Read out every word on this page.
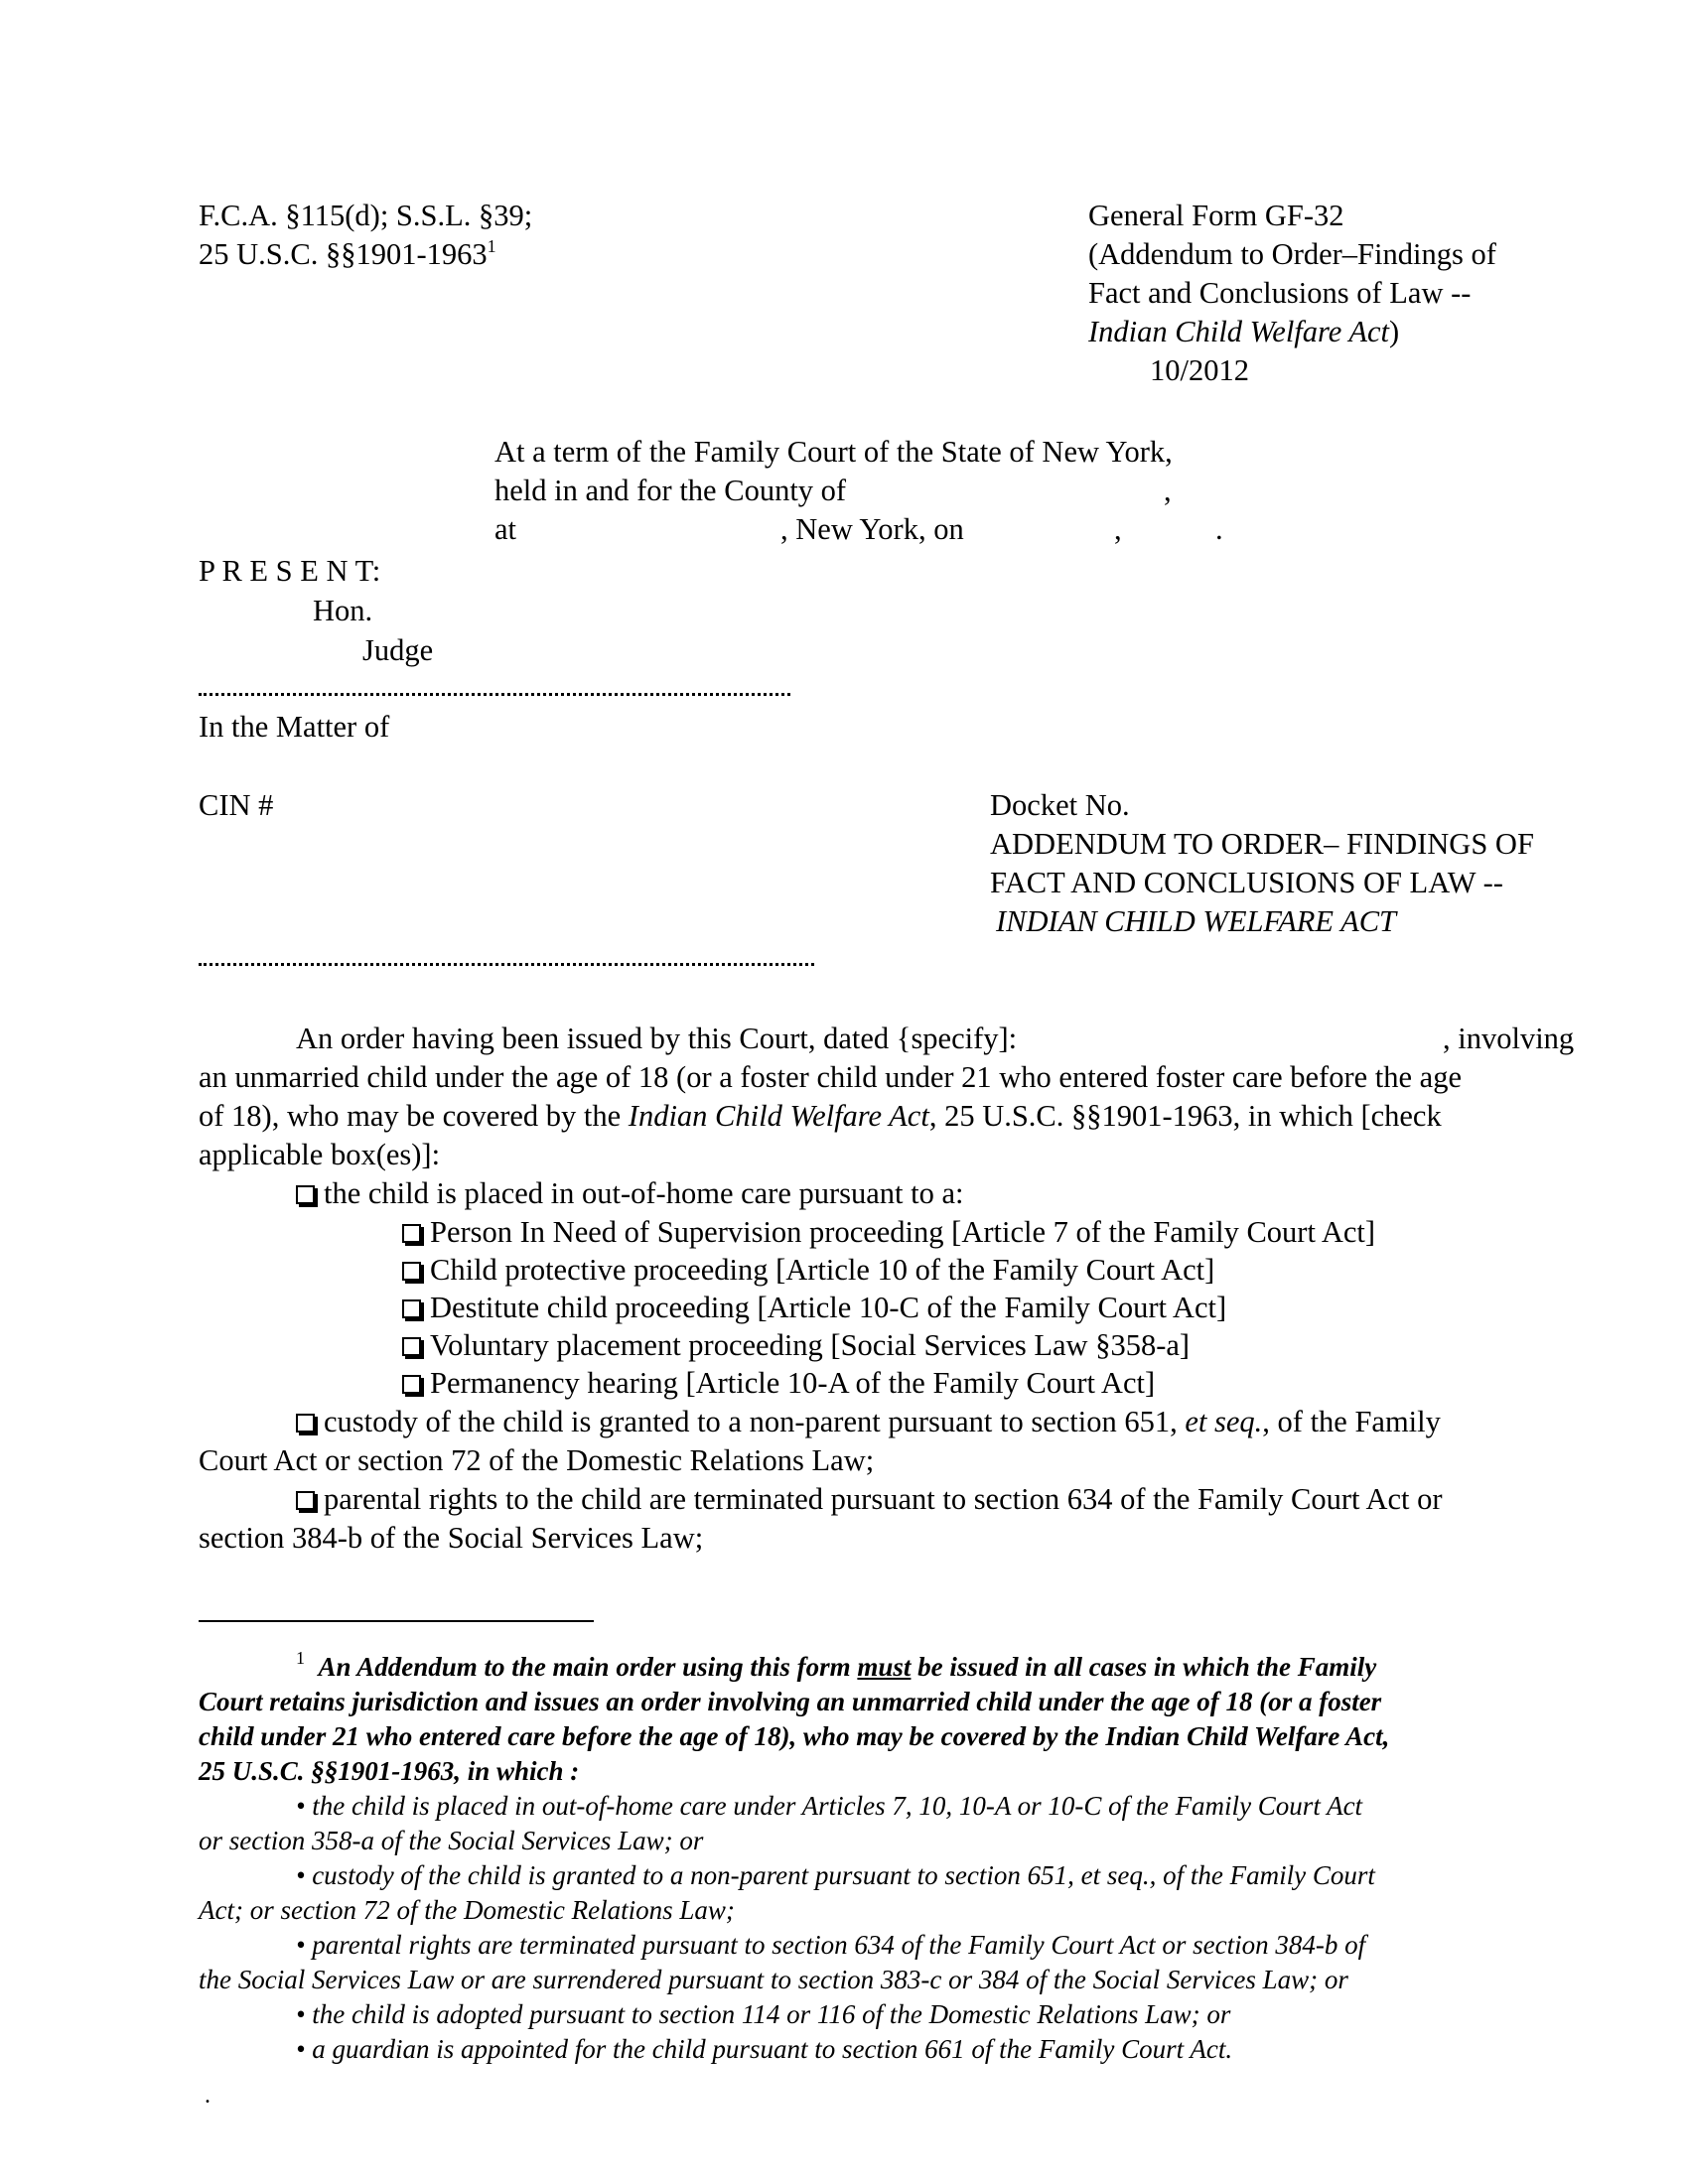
F.C.A. §115(d); S.S.L. §39;
25 U.S.C. §§1901-1963$^1$
General Form GF-32
(Addendum to Order–Findings of
Fact and Conclusions of Law --
Indian Child Welfare Act)
10/2012
At a term of the Family Court of the State of New York,
held in and for the County of	,
at	, New York, on	,	.
P R E S E N T:
Hon.
Judge
In the Matter of
CIN #	Docket No.
ADDENDUM TO ORDER– FINDINGS OF
FACT AND CONCLUSIONS OF LAW --
INDIAN CHILD WELFARE ACT
An order having been issued by this Court, dated {specify]:	, involving
an unmarried child under the age of 18 (or a foster child under 21 who entered foster care before the age
of 18), who may be covered by the Indian Child Welfare Act, 25 U.S.C. §§1901-1963, in which [check
applicable box(es)]:
the child is placed in out-of-home care pursuant to a:
Person In Need of Supervision proceeding [Article 7 of the Family Court Act]
Child protective proceeding [Article 10 of the Family Court Act]
Destitute child proceeding [Article 10-C of the Family Court Act]
Voluntary placement proceeding [Social Services Law §358-a]
Permanency hearing [Article 10-A of the Family Court Act]
custody of the child is granted to a non-parent pursuant to section 651, et seq., of the Family
Court Act or section 72 of the Domestic Relations Law;
parental rights to the child are terminated pursuant to section 634 of the Family Court Act or
section 384-b of the Social Services Law;
$^1$ An Addendum to the main order using this form must be issued in all cases in which the Family
Court retains jurisdiction and issues an order involving an unmarried child under the age of 18 (or a foster
child under 21 who entered care before the age of 18), who may be covered by the Indian Child Welfare Act,
25 U.S.C. §§1901-1963, in which :
• the child is placed in out-of-home care under Articles 7, 10, 10-A or 10-C of the Family Court Act
or section 358-a of the Social Services Law; or
• custody of the child is granted to a non-parent pursuant to section 651, et seq., of the Family Court
Act; or section 72 of the Domestic Relations Law;
• parental rights are terminated pursuant to section 634 of the Family Court Act or section 384-b of
the Social Services Law or are surrendered pursuant to section 383-c or 384 of the Social Services Law; or
• the child is adopted pursuant to section 114 or 116 of the Domestic Relations Law; or
• a guardian is appointed for the child pursuant to section 661 of the Family Court Act.
.
